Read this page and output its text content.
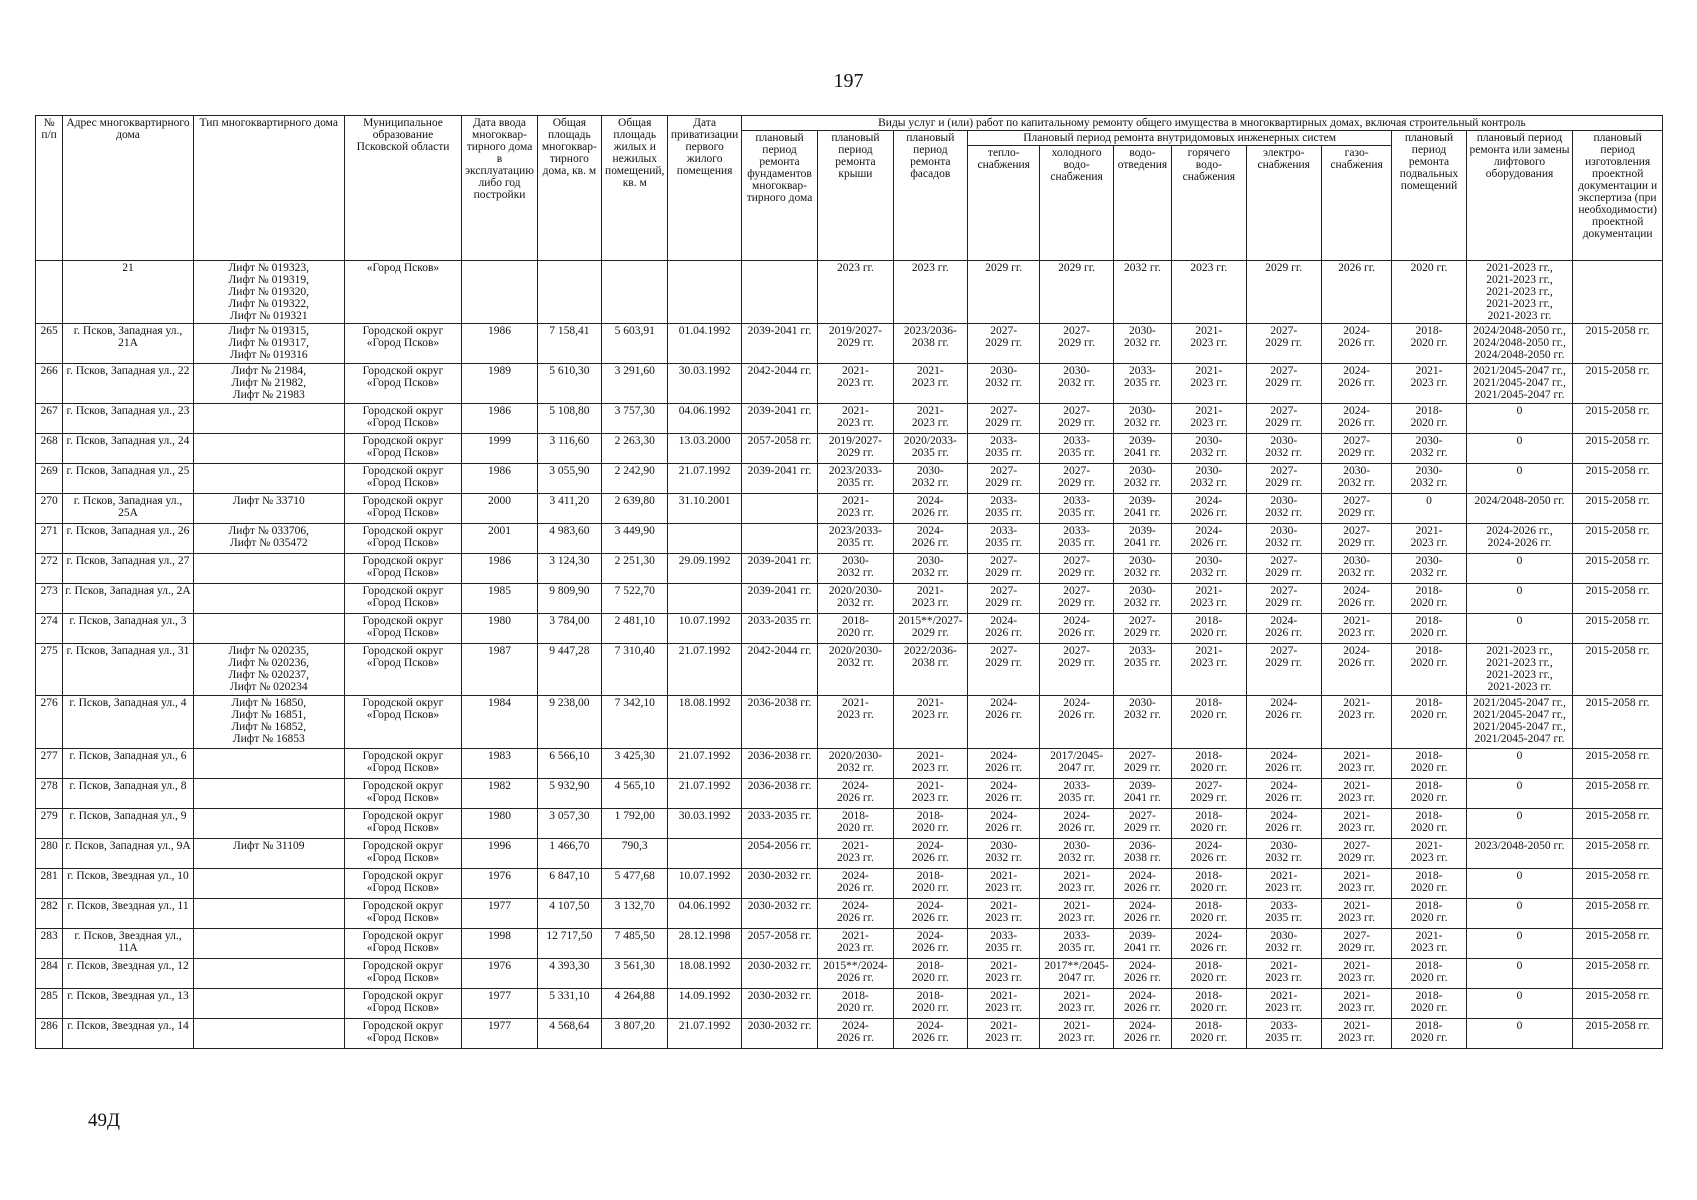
197
№ п/п	Адрес многоквартирного дома	Тип многоквартирного дома	Муниципальное образование Псковской области	Дата ввода многоквар-тирного дома в эксплуатацию либо год постройки	Общая площадь многоквар-тирного дома, кв. м	Общая площадь жилых и нежилых помещений, кв. м	Дата приватизации первого жилого помещения	Виды услуг и (или) работ по капитальному ремонту общего имущества в многоквартирных домах, включая строительный контроль											
								плановый период ремонта фундаментов многоквар-тирного дома	плановый период ремонта крыши	плановый период ремонта фасадов	Плановый период ремонта внутридомовых инженерных систем						плановый период ремонта подвальных помещений	плановый период ремонта или замены лифтового оборудования	плановый период изготовления проектной документации и экспертиза (при необходимости) проектной документации
											тепло-снабжения	холодного водо-снабжения	водо-отведения	горячего водо-снабжения	электро-снабжения	газо-снабжения			
	21	Лифт № 019323,
Лифт № 019319,
Лифт № 019320,
Лифт № 019322,
Лифт № 019321	«Город Псков»						2023 гг.	2023 гг.	2029 гг.	2029 гг.	2032 гг.	2023 гг.	2029 гг.	2026 гг.	2020 гг.	2021-2023 гг.,
2021-2023 гг.,
2021-2023 гг.,
2021-2023 гг.,
2021-2023 гг.	
265	г. Псков, Западная ул., 21А	Лифт № 019315,
Лифт № 019317,
Лифт № 019316	Городской округ «Город Псков»	1986	7 158,41	5 603,91	01.04.1992	2039-2041 гг.	2019/2027-
2029 гг.	2023/2036-
2038 гг.	2027-
2029 гг.	2027-
2029 гг.	2030-
2032 гг.	2021-
2023 гг.	2027-
2029 гг.	2024-
2026 гг.	2018-
2020 гг.	2024/2048-2050 гг.,
2024/2048-2050 гг.,
2024/2048-2050 гг.	2015-2058 гг.
266	г. Псков, Западная ул., 22	Лифт № 21984,
Лифт № 21982,
Лифт № 21983	Городской округ «Город Псков»	1989	5 610,30	3 291,60	30.03.1992	2042-2044 гг.	2021-
2023 гг.	2021-
2023 гг.	2030-
2032 гг.	2030-
2032 гг.	2033-
2035 гг.	2021-
2023 гг.	2027-
2029 гг.	2024-
2026 гг.	2021-
2023 гг.	2021/2045-2047 гг.,
2021/2045-2047 гг.,
2021/2045-2047 гг.	2015-2058 гг.
267	г. Псков, Западная ул., 23		Городской округ «Город Псков»	1986	5 108,80	3 757,30	04.06.1992	2039-2041 гг.	2021-
2023 гг.	2021-
2023 гг.	2027-
2029 гг.	2027-
2029 гг.	2030-
2032 гг.	2021-
2023 гг.	2027-
2029 гг.	2024-
2026 гг.	2018-
2020 гг.	0	2015-2058 гг.
268	г. Псков, Западная ул., 24		Городской округ «Город Псков»	1999	3 116,60	2 263,30	13.03.2000	2057-2058 гг.	2019/2027-
2029 гг.	2020/2033-
2035 гг.	2033-
2035 гг.	2033-
2035 гг.	2039-
2041 гг.	2030-
2032 гг.	2030-
2032 гг.	2027-
2029 гг.	2030-
2032 гг.	0	2015-2058 гг.
269	г. Псков, Западная ул., 25		Городской округ «Город Псков»	1986	3 055,90	2 242,90	21.07.1992	2039-2041 гг.	2023/2033-
2035 гг.	2030-
2032 гг.	2027-
2029 гг.	2027-
2029 гг.	2030-
2032 гг.	2030-
2032 гг.	2027-
2029 гг.	2030-
2032 гг.	2030-
2032 гг.	0	2015-2058 гг.
270	г. Псков, Западная ул., 25А	Лифт № 33710	Городской округ «Город Псков»	2000	3 411,20	2 639,80	31.10.2001		2021-
2023 гг.	2024-
2026 гг.	2033-
2035 гг.	2033-
2035 гг.	2039-
2041 гг.	2024-
2026 гг.	2030-
2032 гг.	2027-
2029 гг.	0	2024/2048-2050 гг.	2015-2058 гг.
271	г. Псков, Западная ул., 26	Лифт № 033706,
Лифт № 035472	Городской округ «Город Псков»	2001	4 983,60	3 449,90			2023/2033-
2035 гг.	2024-
2026 гг.	2033-
2035 гг.	2033-
2035 гг.	2039-
2041 гг.	2024-
2026 гг.	2030-
2032 гг.	2027-
2029 гг.	2021-
2023 гг.	2024-2026 гг.,
2024-2026 гг.	2015-2058 гг.
272	г. Псков, Западная ул., 27		Городской округ «Город Псков»	1986	3 124,30	2 251,30	29.09.1992	2039-2041 гг.	2030-
2032 гг.	2030-
2032 гг.	2027-
2029 гг.	2027-
2029 гг.	2030-
2032 гг.	2030-
2032 гг.	2027-
2029 гг.	2030-
2032 гг.	2030-
2032 гг.	0	2015-2058 гг.
273	г. Псков, Западная ул., 2А		Городской округ «Город Псков»	1985	9 809,90	7 522,70		2039-2041 гг.	2020/2030-
2032 гг.	2021-
2023 гг.	2027-
2029 гг.	2027-
2029 гг.	2030-
2032 гг.	2021-
2023 гг.	2027-
2029 гг.	2024-
2026 гг.	2018-
2020 гг.	0	2015-2058 гг.
274	г. Псков, Западная ул., 3		Городской округ «Город Псков»	1980	3 784,00	2 481,10	10.07.1992	2033-2035 гг.	2018-
2020 гг.	2015**/2027-
2029 гг.	2024-
2026 гг.	2024-
2026 гг.	2027-
2029 гг.	2018-
2020 гг.	2024-
2026 гг.	2021-
2023 гг.	2018-
2020 гг.	0	2015-2058 гг.
275	г. Псков, Западная ул., 31	Лифт № 020235,
Лифт № 020236,
Лифт № 020237,
Лифт № 020234	Городской округ «Город Псков»	1987	9 447,28	7 310,40	21.07.1992	2042-2044 гг.	2020/2030-
2032 гг.	2022/2036-
2038 гг.	2027-
2029 гг.	2027-
2029 гг.	2033-
2035 гг.	2021-
2023 гг.	2027-
2029 гг.	2024-
2026 гг.	2018-
2020 гг.	2021-2023 гг.,
2021-2023 гг.,
2021-2023 гг.,
2021-2023 гг.	2015-2058 гг.
276	г. Псков, Западная ул., 4	Лифт № 16850,
Лифт № 16851,
Лифт № 16852,
Лифт № 16853	Городской округ «Город Псков»	1984	9 238,00	7 342,10	18.08.1992	2036-2038 гг.	2021-
2023 гг.	2021-
2023 гг.	2024-
2026 гг.	2024-
2026 гг.	2030-
2032 гг.	2018-
2020 гг.	2024-
2026 гг.	2021-
2023 гг.	2018-
2020 гг.	2021/2045-2047 гг.,
2021/2045-2047 гг.,
2021/2045-2047 гг.,
2021/2045-2047 гг.	2015-2058 гг.
277	г. Псков, Западная ул., 6		Городской округ «Город Псков»	1983	6 566,10	3 425,30	21.07.1992	2036-2038 гг.	2020/2030-
2032 гг.	2021-
2023 гг.	2024-
2026 гг.	2017/2045-
2047 гг.	2027-
2029 гг.	2018-
2020 гг.	2024-
2026 гг.	2021-
2023 гг.	2018-
2020 гг.	0	2015-2058 гг.
278	г. Псков, Западная ул., 8		Городской округ «Город Псков»	1982	5 932,90	4 565,10	21.07.1992	2036-2038 гг.	2024-
2026 гг.	2021-
2023 гг.	2024-
2026 гг.	2033-
2035 гг.	2039-
2041 гг.	2027-
2029 гг.	2024-
2026 гг.	2021-
2023 гг.	2018-
2020 гг.	0	2015-2058 гг.
279	г. Псков, Западная ул., 9		Городской округ «Город Псков»	1980	3 057,30	1 792,00	30.03.1992	2033-2035 гг.	2018-
2020 гг.	2018-
2020 гг.	2024-
2026 гг.	2024-
2026 гг.	2027-
2029 гг.	2018-
2020 гг.	2024-
2026 гг.	2021-
2023 гг.	2018-
2020 гг.	0	2015-2058 гг.
280	г. Псков, Западная ул., 9А	Лифт № 31109	Городской округ «Город Псков»	1996	1 466,70	790,3		2054-2056 гг.	2021-
2023 гг.	2024-
2026 гг.	2030-
2032 гг.	2030-
2032 гг.	2036-
2038 гг.	2024-
2026 гг.	2030-
2032 гг.	2027-
2029 гг.	2021-
2023 гг.	2023/2048-2050 гг.	2015-2058 гг.
281	г. Псков, Звездная ул., 10		Городской округ «Город Псков»	1976	6 847,10	5 477,68	10.07.1992	2030-2032 гг.	2024-
2026 гг.	2018-
2020 гг.	2021-
2023 гг.	2021-
2023 гг.	2024-
2026 гг.	2018-
2020 гг.	2021-
2023 гг.	2021-
2023 гг.	2018-
2020 гг.	0	2015-2058 гг.
282	г. Псков, Звездная ул., 11		Городской округ «Город Псков»	1977	4 107,50	3 132,70	04.06.1992	2030-2032 гг.	2024-
2026 гг.	2024-
2026 гг.	2021-
2023 гг.	2021-
2023 гг.	2024-
2026 гг.	2018-
2020 гг.	2033-
2035 гг.	2021-
2023 гг.	2018-
2020 гг.	0	2015-2058 гг.
283	г. Псков, Звездная ул., 11А		Городской округ «Город Псков»	1998	12 717,50	7 485,50	28.12.1998	2057-2058 гг.	2021-
2023 гг.	2024-
2026 гг.	2033-
2035 гг.	2033-
2035 гг.	2039-
2041 гг.	2024-
2026 гг.	2030-
2032 гг.	2027-
2029 гг.	2021-
2023 гг.	0	2015-2058 гг.
284	г. Псков, Звездная ул., 12		Городской округ «Город Псков»	1976	4 393,30	3 561,30	18.08.1992	2030-2032 гг.	2015**/2024-
2026 гг.	2018-
2020 гг.	2021-
2023 гг.	2017**/2045-
2047 гг.	2024-
2026 гг.	2018-
2020 гг.	2021-
2023 гг.	2021-
2023 гг.	2018-
2020 гг.	0	2015-2058 гг.
285	г. Псков, Звездная ул., 13		Городской округ «Город Псков»	1977	5 331,10	4 264,88	14.09.1992	2030-2032 гг.	2018-
2020 гг.	2018-
2020 гг.	2021-
2023 гг.	2021-
2023 гг.	2024-
2026 гг.	2018-
2020 гг.	2021-
2023 гг.	2021-
2023 гг.	2018-
2020 гг.	0	2015-2058 гг.
286	г. Псков, Звездная ул., 14		Городской округ «Город Псков»	1977	4 568,64	3 807,20	21.07.1992	2030-2032 гг.	2024-
2026 гг.	2024-
2026 гг.	2021-
2023 гг.	2021-
2023 гг.	2024-
2026 гг.	2018-
2020 гг.	2033-
2035 гг.	2021-
2023 гг.	2018-
2020 гг.	0	2015-2058 гг.
49Д
